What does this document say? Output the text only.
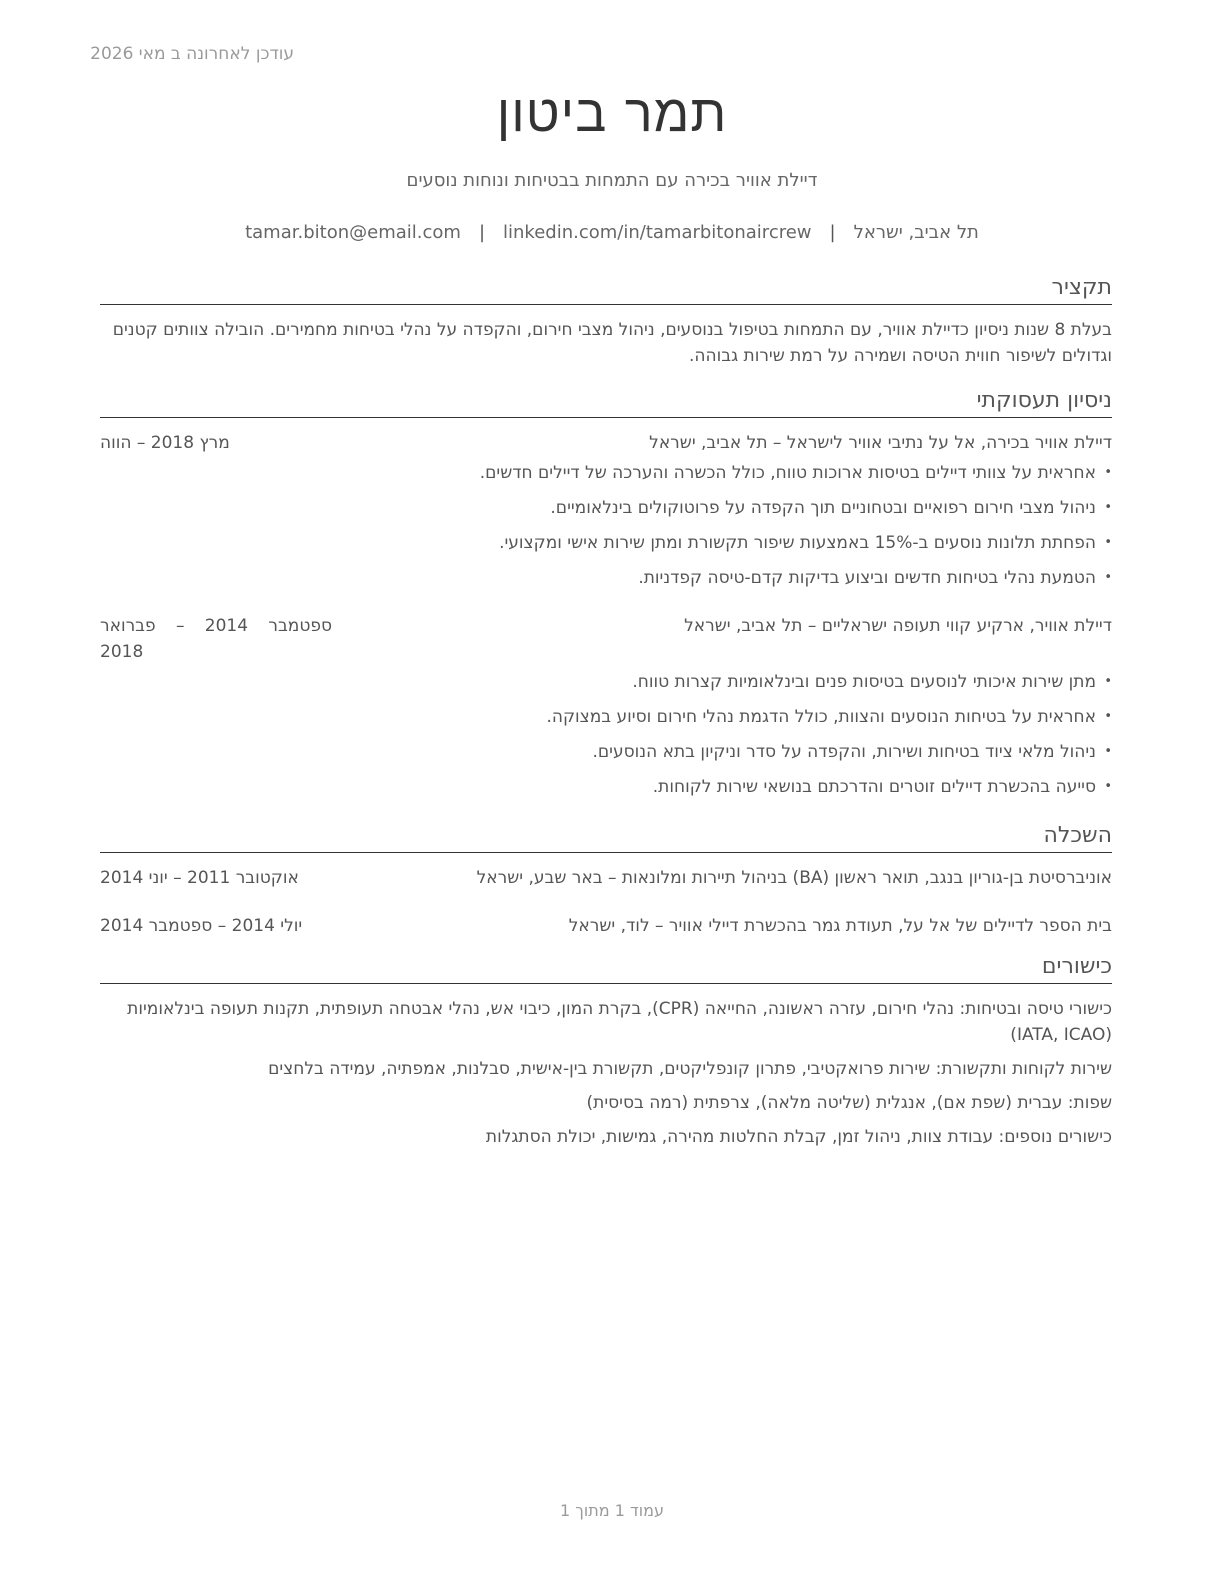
עודכן לאחרונה ב מאי 2026
תמר ביטון
דיילת אוויר בכירה עם התמחות בבטיחות ונוחות נוסעים
תל אביב, ישראל|tamar.biton@email.com | linkedin.com/in/tamarbitonaircrew
תקציר
בעלת 8 שנות ניסיון כדיילת אוויר, עם התמחות בטיפול בנוסעים, ניהול מצבי חירום, והקפדה על נהלי בטיחות מחמירים. הובילה צוותים קטנים וגדולים לשיפור חווית הטיסה ושמירה על רמת שירות גבוהה.
ניסיון תעסוקתי
דיילת אוויר בכירה, אל על נתיבי אוויר לישראל – תל אביב, ישראל
מרץ 2018 – הווה
• אחראית על צוותי דיילים בטיסות ארוכות טווח, כולל הכשרה והערכה של דיילים חדשים.
• ניהול מצבי חירום רפואיים ובטחוניים תוך הקפדה על פרוטוקולים בינלאומיים.
• הפחתת תלונות נוסעים ב-15% באמצעות שיפור תקשורת ומתן שירות אישי ומקצועי.
• הטמעת נהלי בטיחות חדשים וביצוע בדיקות קדם-טיסה קפדניות.
דיילת אוויר, ארקיע קווי תעופה ישראליים – תל אביב, ישראל
ספטמבר 2014 – פברואר 2018
• מתן שירות איכותי לנוסעים בטיסות פנים ובינלאומיות קצרות טווח.
• אחראית על בטיחות הנוסעים והצוות, כולל הדגמת נהלי חירום וסיוע במצוקה.
• ניהול מלאי ציוד בטיחות ושירות, והקפדה על סדר וניקיון בתא הנוסעים.
• סייעה בהכשרת דיילים זוטרים והדרכתם בנושאי שירות לקוחות.
השכלה
אוניברסיטת בן-גוריון בנגב, תואר ראשון (BA) בניהול תיירות ומלונאות – באר שבע, ישראל
אוקטובר 2011 – יוני 2014
בית הספר לדיילים של אל על, תעודת גמר בהכשרת דיילי אוויר – לוד, ישראל
יולי 2014 – ספטמבר 2014
כישורים
כישורי טיסה ובטיחות: נהלי חירום, עזרה ראשונה, החייאה (CPR), בקרת המון, כיבוי אש, נהלי אבטחה תעופתית, תקנות תעופה בינלאומיות (IATA, ICAO)
שירות לקוחות ותקשורת: שירות פרואקטיבי, פתרון קונפליקטים, תקשורת בין-אישית, סבלנות, אמפתיה, עמידה בלחצים
שפות: עברית (שפת אם), אנגלית (שליטה מלאה), צרפתית (רמה בסיסית)
כישורים נוספים: עבודת צוות, ניהול זמן, קבלת החלטות מהירה, גמישות, יכולת הסתגלות
עמוד 1 מתוך 1
